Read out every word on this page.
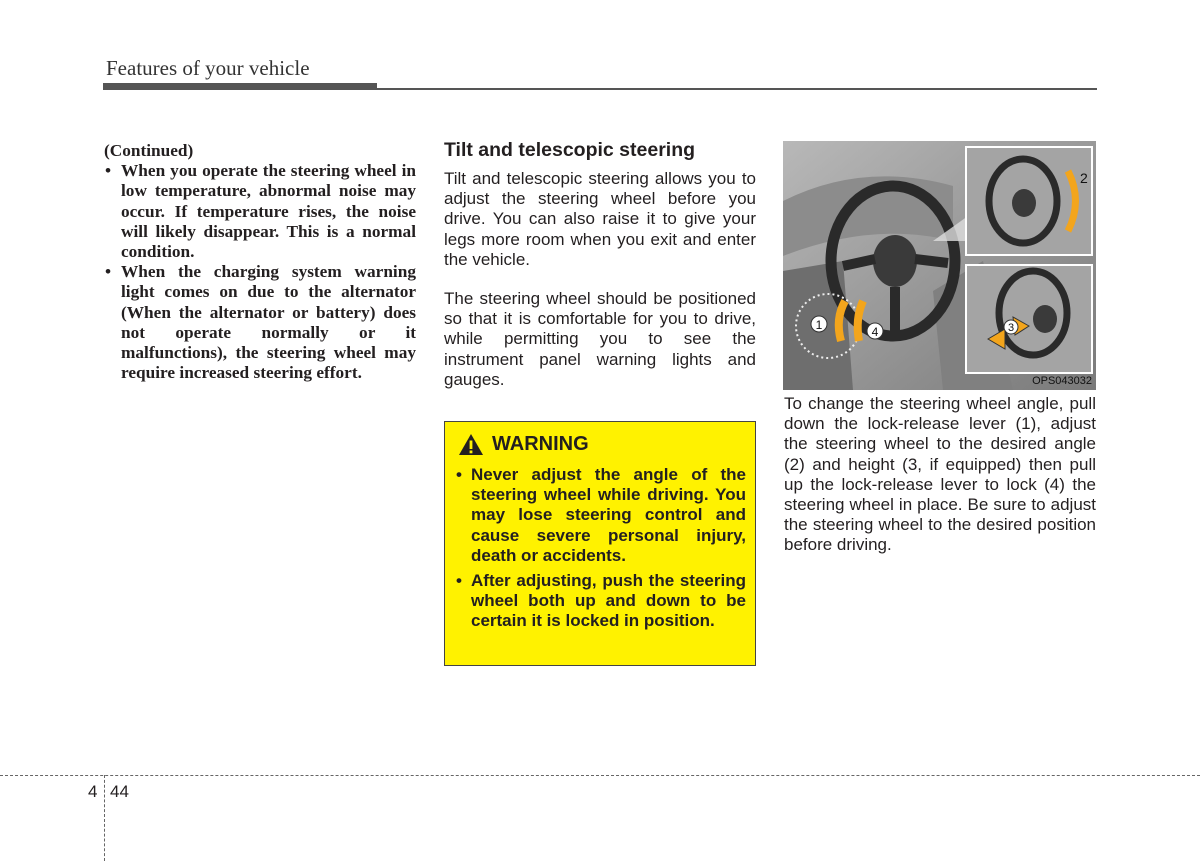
Features of your vehicle

(Continued)

• When you operate the steering wheel in low temperature, abnormal noise may occur. If temperature rises, the noise will likely disappear. This is a normal condition.
• When the charging system warning light comes on due to the alternator (When the alternator or battery) does not operate normally or it malfunctions), the steering wheel may require increased steering effort.
Tilt and telescopic steering

Tilt and telescopic steering allows you to adjust the steering wheel before you drive. You can also raise it to give your legs more room when you exit and enter the vehicle.

The steering wheel should be positioned so that it is comfortable for you to drive, while permitting you to see the instrument panel warning lights and gauges.

WARNING
• Never adjust the angle of the steering wheel while driving. You may lose steering control and cause severe personal injury, death or accidents.
• After adjusting, push the steering wheel both up and down to be certain it is locked in position.
1	4
2
3
OPS043032

To change the steering wheel angle, pull down the lock-release lever (1), adjust the steering wheel to the desired angle (2) and height (3, if equipped) then pull up the lock-release lever to lock (4) the steering wheel in place. Be sure to adjust the steering wheel to the desired position before driving.

4 44
